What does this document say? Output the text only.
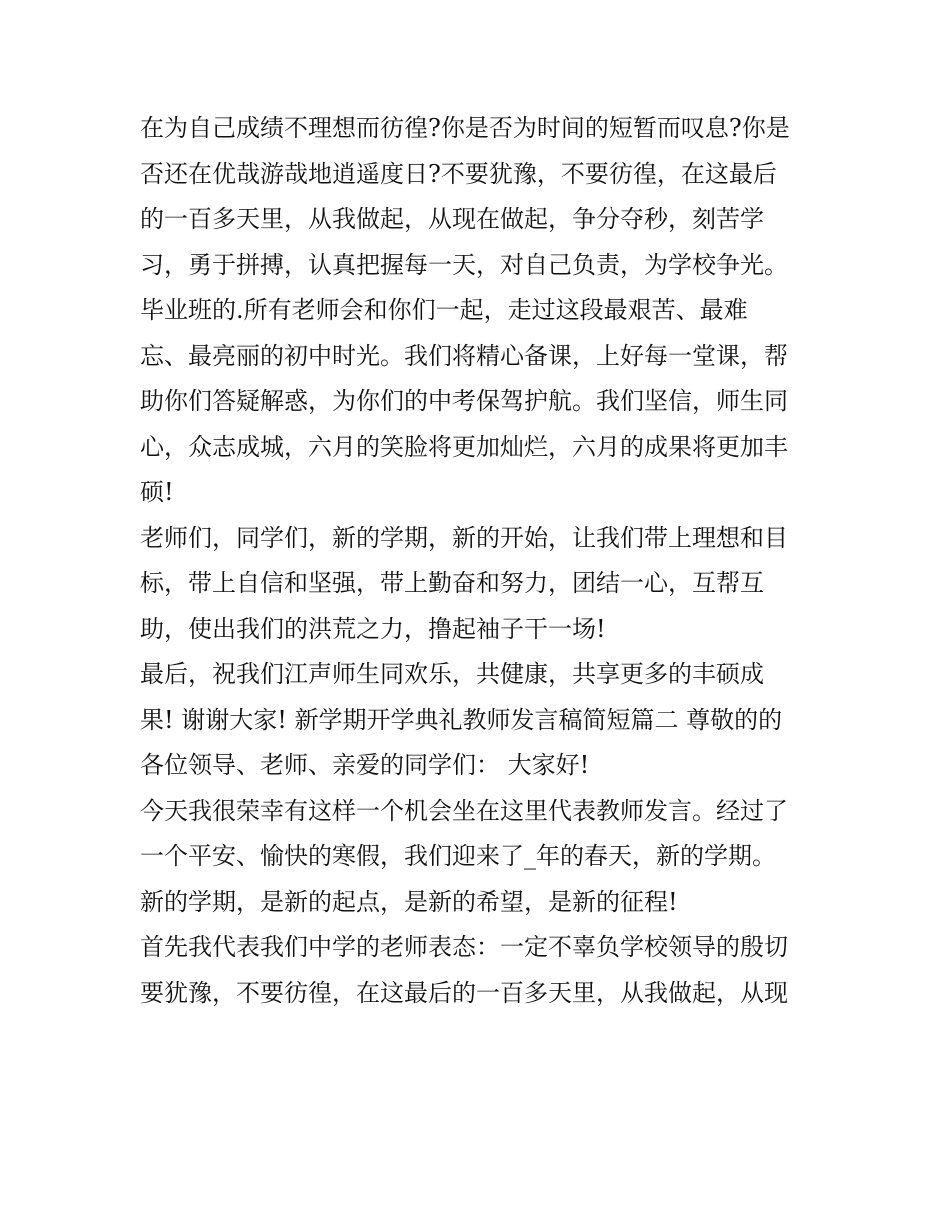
在为自己成绩不理想而彷徨?你是否为时间的短暂而叹息?你是
否还在优哉游哉地逍遥度日?不要犹豫，不要彷徨，在这最后
的一百多天里，从我做起，从现在做起，争分夺秒，刻苦学
习，勇于拼搏，认真把握每一天，对自己负责，为学校争光。
毕业班的.所有老师会和你们一起，走过这段最艰苦、最难
忘、最亮丽的初中时光。我们将精心备课，上好每一堂课，帮
助你们答疑解惑，为你们的中考保驾护航。我们坚信，师生同
心，众志成城，六月的笑脸将更加灿烂，六月的成果将更加丰
硕!
老师们，同学们，新的学期，新的开始，让我们带上理想和目
标，带上自信和坚强，带上勤奋和努力，团结一心，互帮互
助，使出我们的洪荒之力，撸起袖子干一场!
最后，祝我们江声师生同欢乐，共健康，共享更多的丰硕成
果! 谢谢大家! 新学期开学典礼教师发言稿简短篇二 尊敬的的
各位领导、老师、亲爱的同学们： 大家好!
今天我很荣幸有这样一个机会坐在这里代表教师发言。经过了
一个平安、愉快的寒假，我们迎来了_年的春天，新的学期。
新的学期，是新的起点，是新的希望，是新的征程!
首先我代表我们中学的老师表态：一定不辜负学校领导的殷切
要犹豫，不要彷徨，在这最后的一百多天里，从我做起，从现
